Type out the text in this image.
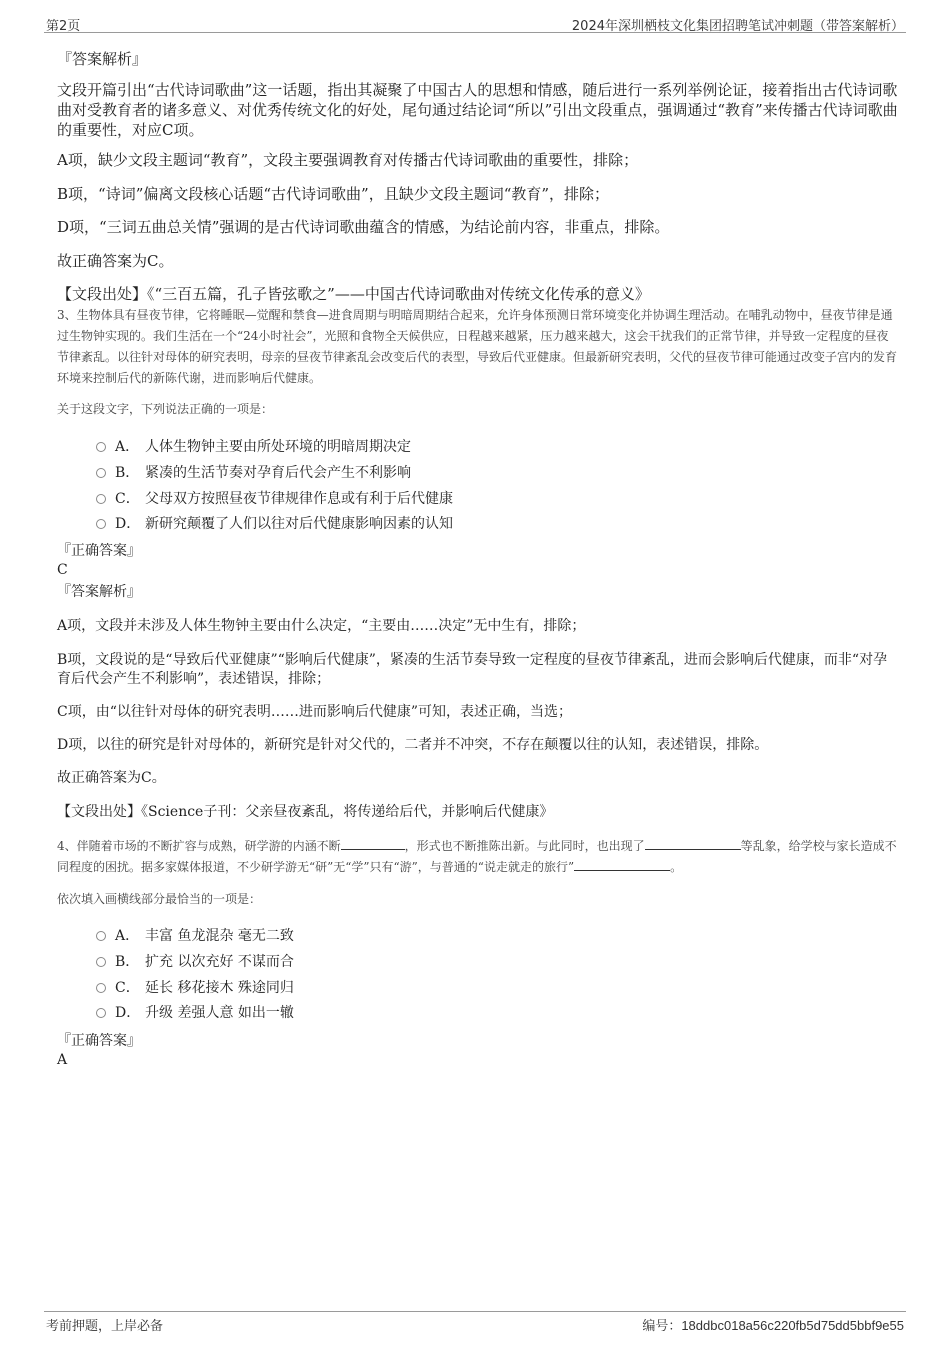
第2页	2024年深圳栖枝文化集团招聘笔试冲刺题（带答案解析）
『答案解析』
文段开篇引出“古代诗词歌曲”这一话题，指出其凝聚了中国古人的思想和情感，随后进行一系列举例论证，接着指出古代诗词歌曲对受教育者的诸多意义、对优秀传统文化的好处，尾句通过结论词“所以”引出文段重点，强调通过“教育”来传播古代诗词歌曲的重要性，对应C项。
A项，缺少文段主题词“教育”，文段主要强调教育对传播古代诗词歌曲的重要性，排除；
B项，“诗词”偏离文段核心话题“古代诗词歌曲”，且缺少文段主题词“教育”，排除；
D项，“三词五曲总关情”强调的是古代诗词歌曲蕴含的情感，为结论前内容，非重点，排除。
故正确答案为C。
【文段出处】《“三百五篇，孔子皆弦歌之”——中国古代诗词歌曲对传统文化传承的意义》
3、生物体具有昼夜节律，它将睡眠—觉醒和禁食—进食周期与明暗周期结合起来，允许身体预测日常环境变化并协调生理活动。在哺乳动物中，昼夜节律是通过生物钟实现的。我们生活在一个“24小时社会”，光照和食物全天候供应，日程越来越紧，压力越来越大，这会干扰我们的正常节律，并导致一定程度的昼夜节律紊乱。以往针对母体的研究表明，母亲的昼夜节律紊乱会改变后代的表型，导致后代亚健康。但最新研究表明，父代的昼夜节律可能通过改变子宫内的发育环境来控制后代的新陈代谢，进而影响后代健康。
关于这段文字，下列说法正确的一项是：
A． 人体生物钟主要由所处环境的明暗周期决定
B． 紧凑的生活节奏对孕育后代会产生不利影响
C． 父母双方按照昼夜节律规律作息或有利于后代健康
D． 新研究颠覆了人们以往对后代健康影响因素的认知
『正确答案』
C
『答案解析』
A项，文段并未涉及人体生物钟主要由什么决定，“主要由……决定”无中生有，排除；
B项，文段说的是“导致后代亚健康”“影响后代健康”，紧凑的生活节奏导致一定程度的昼夜节律紊乱，进而会影响后代健康，而非“对孕育后代会产生不利影响”，表述错误，排除；
C项，由“以往针对母体的研究表明……进而影响后代健康”可知，表述正确，当选；
D项，以往的研究是针对母体的，新研究是针对父代的，二者并不冲突，不存在颠覆以往的认知，表述错误，排除。
故正确答案为C。
【文段出处】《Science子刊：父亲昼夜紊乱，将传递给后代，并影响后代健康》
4、伴随着市场的不断扩容与成熟，研学游的内涵不断	，形式也不断推陈出新。与此同时，也出现了	等乱象，给学校与家长造成不同程度的困扰。据多家媒体报道，不少研学游无“研”无“学”只有“游”，与普通的“说走就走的旅行”	。
依次填入画横线部分最恰当的一项是：
A． 丰富 鱼龙混杂 毫无二致
B． 扩充 以次充好 不谋而合
C． 延长 移花接木 殊途同归
D． 升级 差强人意 如出一辙
『正确答案』
A
考前押题，上岸必备	编号：18ddbc018a56c220fb5d75dd5bbf9e55
